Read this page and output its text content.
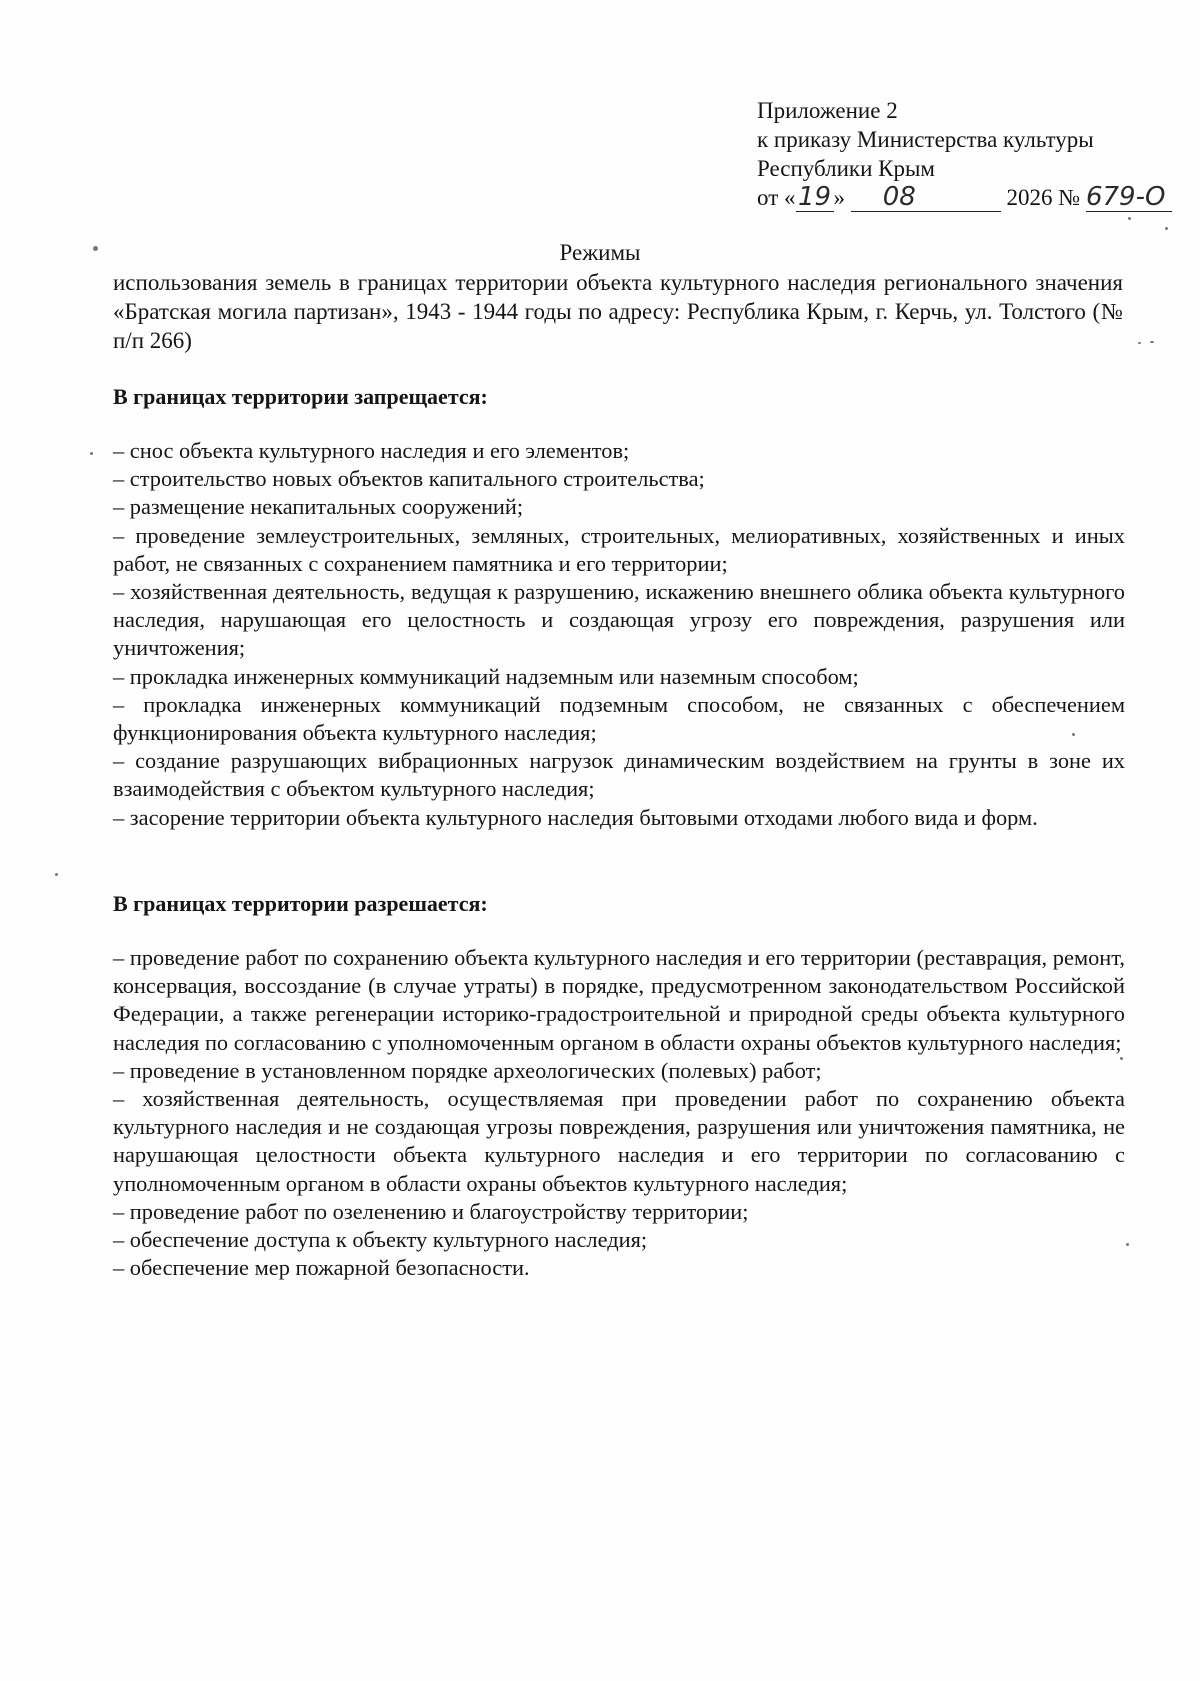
Приложение 2
к приказу Министерства культуры
Республики Крым
от «19 » 08	2026 № 679-О
Режимы
использования земель в границах территории объекта культурного наследия регионального значения «Братская могила партизан», 1943 - 1944 годы по адресу: Республика Крым, г. Керчь, ул. Толстого (№ п/п 266)
В границах территории запрещается:

– снос объекта культурного наследия и его элементов;

– строительство новых объектов капитального строительства;

– размещение некапитальных сооружений;

– проведение землеустроительных, земляных, строительных, мелиоративных, хозяйственных и иных работ, не связанных с сохранением памятника и его территории;

– хозяйственная деятельность, ведущая к разрушению, искажению внешнего облика объекта культурного наследия, нарушающая его целостность и создающая угрозу его повреждения, разрушения или уничтожения;

– прокладка инженерных коммуникаций надземным или наземным способом;

– прокладка инженерных коммуникаций подземным способом, не связанных с обеспечением функционирования объекта культурного наследия;

– создание разрушающих вибрационных нагрузок динамическим воздействием на грунты в зоне их взаимодействия с объектом культурного наследия;

– засорение территории объекта культурного наследия бытовыми отходами любого вида и форм.

В границах территории разрешается:

– проведение работ по сохранению объекта культурного наследия и его территории (реставрация, ремонт, консервация, воссоздание (в случае утраты) в порядке, предусмотренном законодательством Российской Федерации, а также регенерации историко-градостроительной и природной среды объекта культурного наследия по согласованию с уполномоченным органом в области охраны объектов культурного наследия;

– проведение в установленном порядке археологических (полевых) работ;

– хозяйственная деятельность, осуществляемая при проведении работ по сохранению объекта культурного наследия и не создающая угрозы повреждения, разрушения или уничтожения памятника, не нарушающая целостности объекта культурного наследия и его территории по согласованию с уполномоченным органом в области охраны объектов культурного наследия;

– проведение работ по озеленению и благоустройству территории;

– обеспечение доступа к объекту культурного наследия;

– обеспечение мер пожарной безопасности.
